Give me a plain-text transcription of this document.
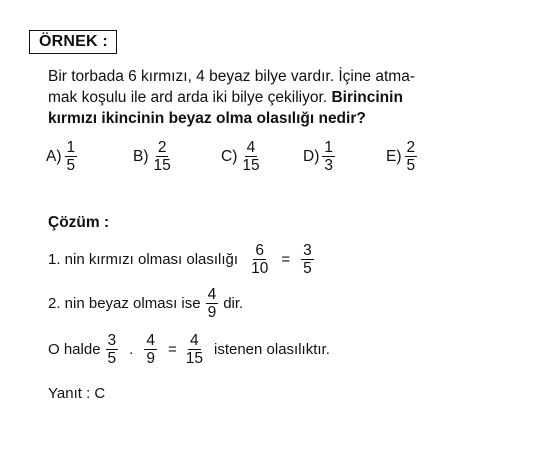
ÖRNEK :
Bir torbada 6 kırmızı, 4 beyaz bilye vardır. İçine atma-
mak koşulu ile ard arda iki bilye çekiliyor. Birincinin
kırmızı ikincinin beyaz olma olasılığı nedir?
$A) \frac{1}{5}$	$B) \frac{2}{15}$	$C) \frac{4}{15}$	$D) \frac{1}{3}$	$E) \frac{2}{5}$
Çözüm :
1. nin kırmızı olması olasılığı $\frac{6}{10} = \frac{3}{5}$
2. nin beyaz olması ise $\frac{4}{9}$ dir.
O halde $\frac{3}{5}$ . $\frac{4}{9} = \frac{4}{15}$ istenen olasılıktır.
Yanıt : C
